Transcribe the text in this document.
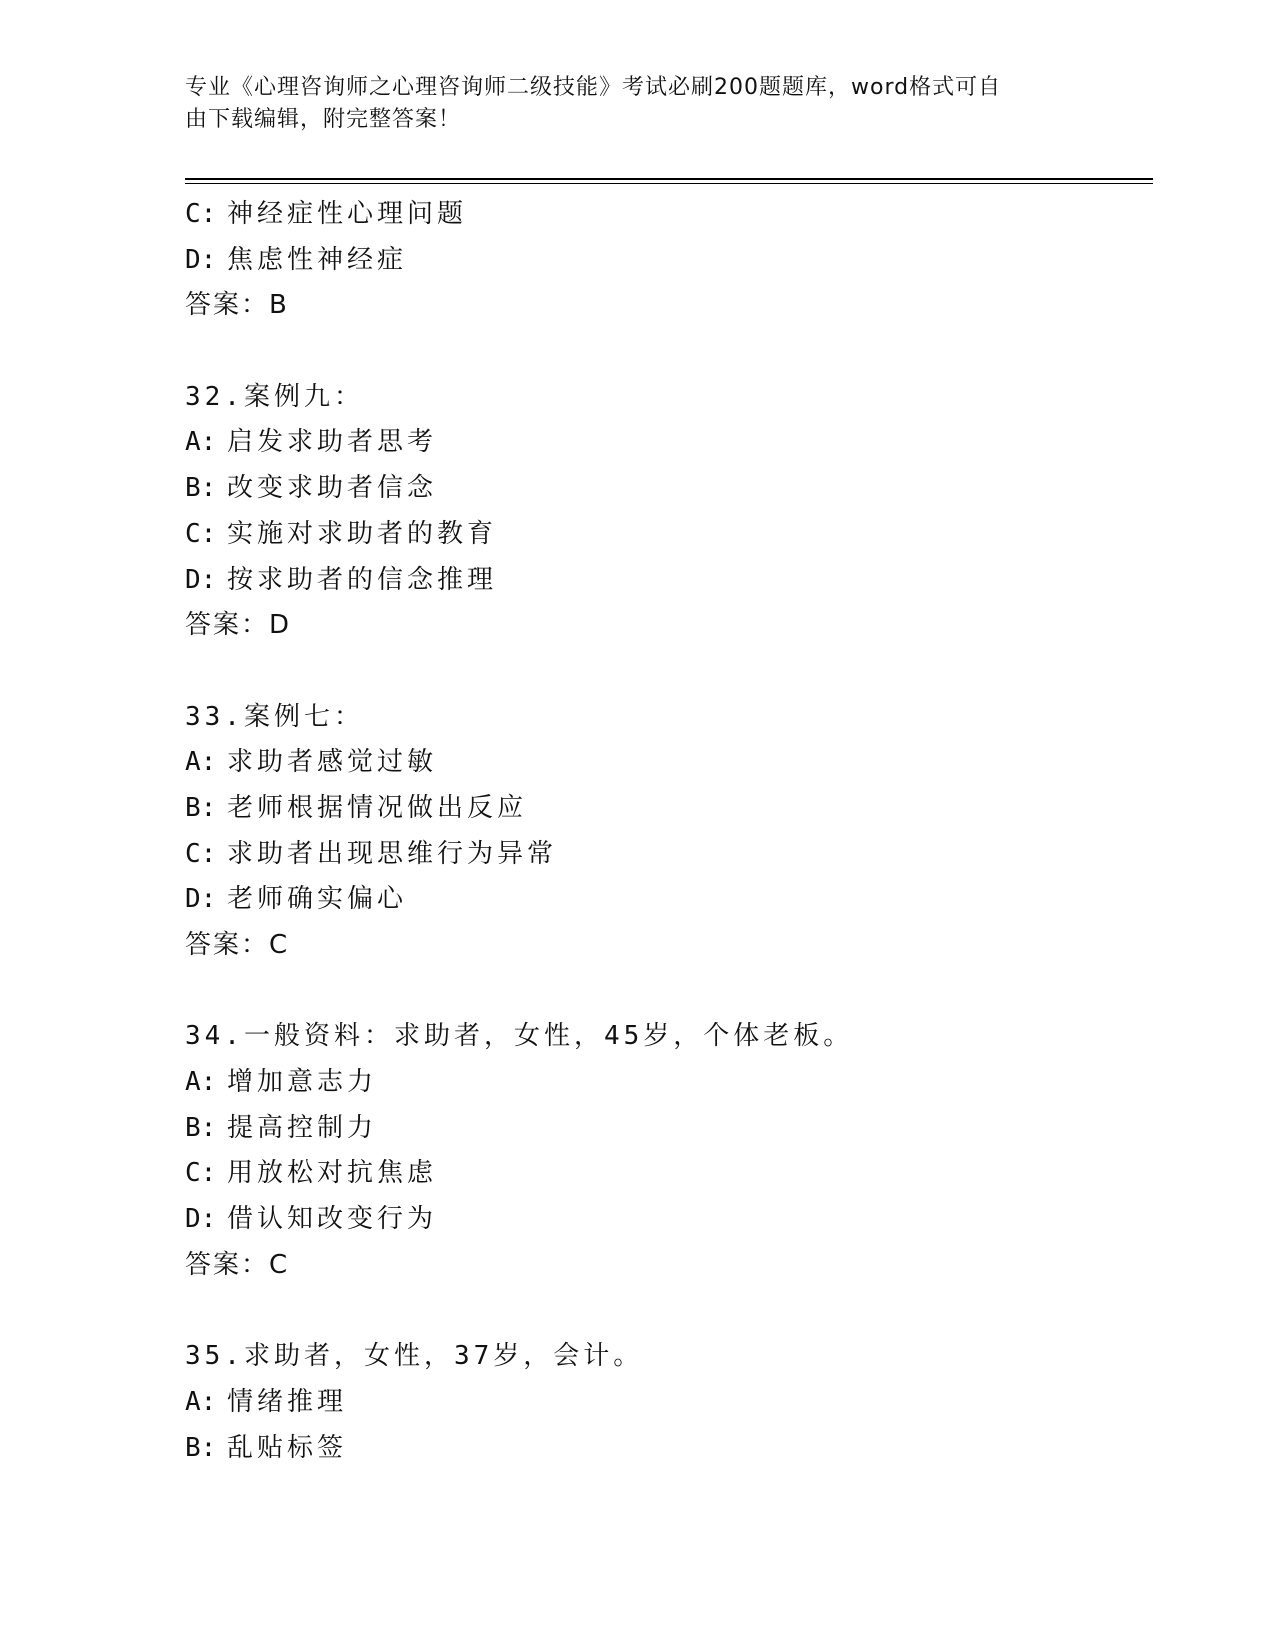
专业《心理咨询师之心理咨询师二级技能》考试必刷200题题库，word格式可自
由下载编辑，附完整答案！
C: 神经症性心理问题
D: 焦虑性神经症
答案：B
32.案例九：
A: 启发求助者思考
B: 改变求助者信念
C: 实施对求助者的教育
D: 按求助者的信念推理
答案：D
33.案例七：
A: 求助者感觉过敏
B: 老师根据情况做出反应
C: 求助者出现思维行为异常
D: 老师确实偏心
答案：C
34.一般资料：求助者，女性，45岁，个体老板。
A: 增加意志力
B: 提高控制力
C: 用放松对抗焦虑
D: 借认知改变行为
答案：C
35.求助者，女性，37岁，会计。
A: 情绪推理
B: 乱贴标签
